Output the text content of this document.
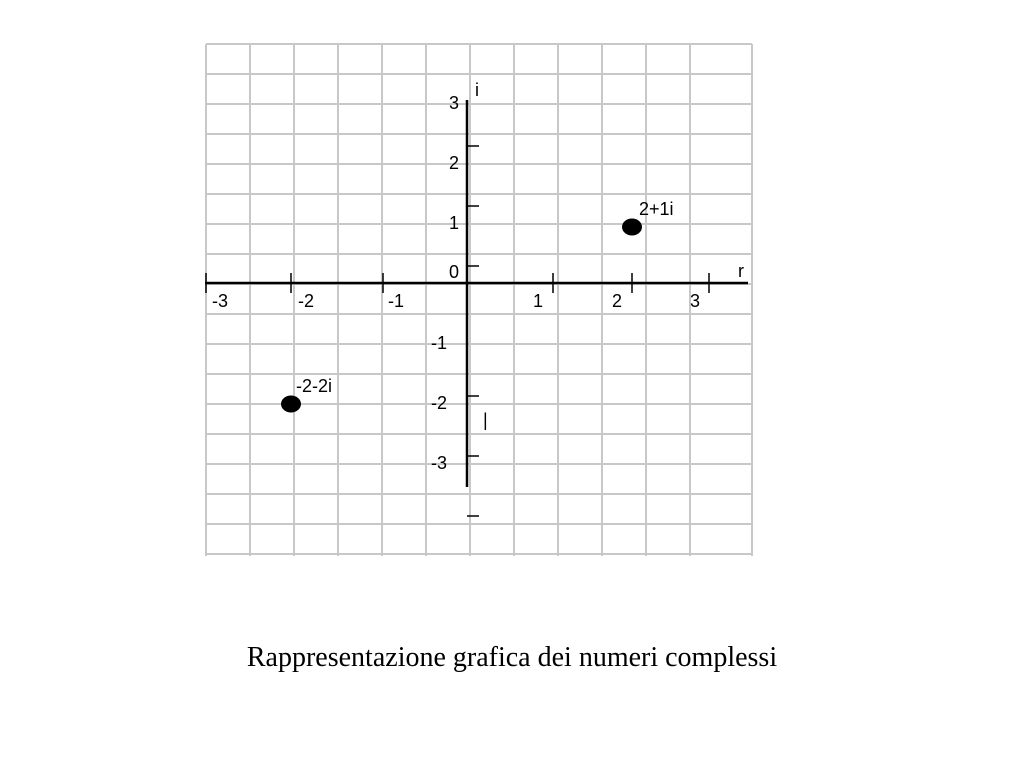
r
i
-3	-2	-1	1	2	3
3
2
1
0
-1
-2
-3
|
2+1i
-2-2i
Rappresentazione grafica dei numeri complessi
